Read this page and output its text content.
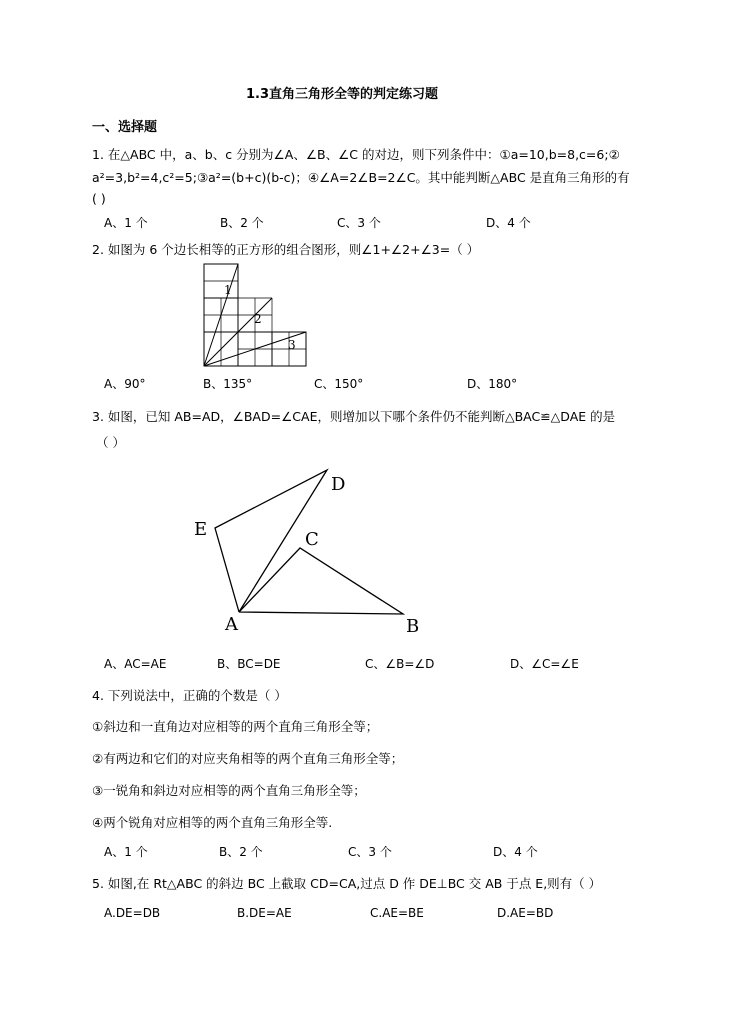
1.3直角三角形全等的判定练习题
一、选择题
1. 在△ABC 中，a、b、c 分别为∠A、∠B、∠C 的对边，则下列条件中：①a=10,b=8,c=6;②
a²=3,b²=4,c²=5;③a²=(b+c)(b-c)；④∠A=2∠B=2∠C。其中能判断△ABC 是直角三角形的有
( )
A、1 个	B、2 个	C、3 个	D、4 个
2. 如图为 6 个边长相等的正方形的组合图形，则∠1+∠2+∠3=（ ）
1
2
3
A、90°	B、135°	C、150°	D、180°
3. 如图，已知 AB=AD，∠BAD=∠CAE，则增加以下哪个条件仍不能判断△BAC≌△DAE 的是
（ ）
D
E	C
A	B
A、AC=AE	B、BC=DE	C、∠B=∠D	D、∠C=∠E
4. 下列说法中，正确的个数是（ ）
①斜边和一直角边对应相等的两个直角三角形全等；
②有两边和它们的对应夹角相等的两个直角三角形全等；
③一锐角和斜边对应相等的两个直角三角形全等；
④两个锐角对应相等的两个直角三角形全等.
A、1 个	B、2 个	C、3 个	D、4 个
5. 如图,在 Rt△ABC 的斜边 BC 上截取 CD=CA,过点 D 作 DE⊥BC 交 AB 于点 E,则有（ ）
A.DE=DB	B.DE=AE	C.AE=BE	D.AE=BD
